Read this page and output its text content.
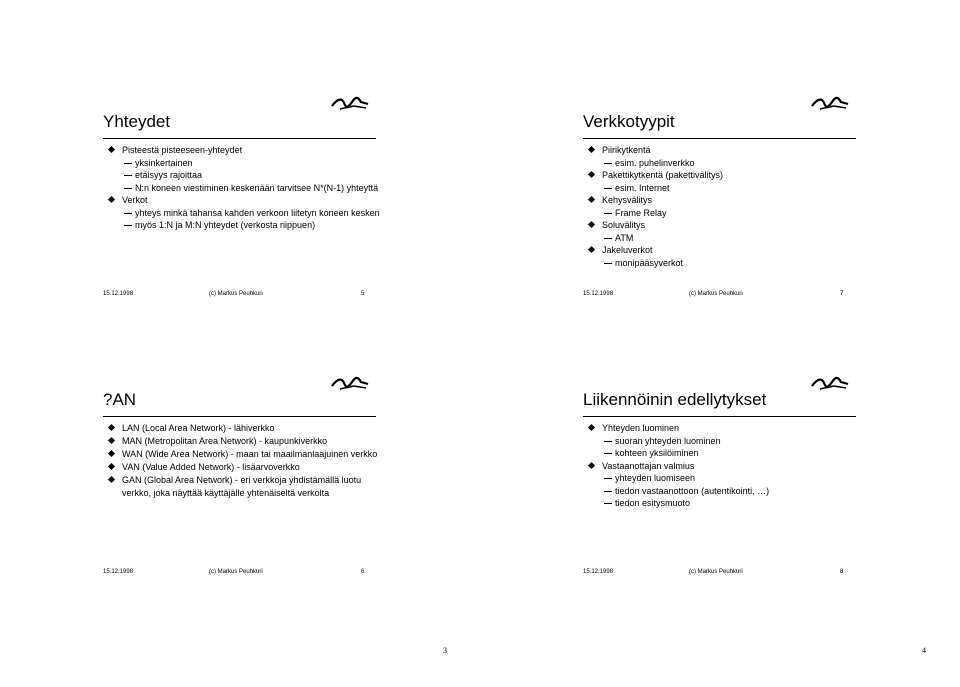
Yhteydet
Pisteestä pisteeseen-yhteydet
yksinkertainen
etäisyys rajoittaa
N:n koneen viestiminen keskenään tarvitsee N*(N-1) yhteyttä
Verkot
yhteys minkä tahansa kahden verkoon liitetyn koneen kesken
myös 1:N ja M:N yhteydet (verkosta riippuen)
15.12.1998	(c) Markus Peuhkuri	5
Verkkotyypit
Piirikytkentä
esim. puhelinverkko
Pakettikytkentä (pakettivälitys)
esim. Internet
Kehysvälitys
Frame Relay
Soluvälitys
ATM
Jakeluverkot
monipääsyverkot
15.12.1998	(c) Markus Peuhkuri	7
?AN
LAN (Local Area Network) - lähiverkko
MAN (Metropolitan Area Network) - kaupunkiverkko
WAN (Wide Area Network) - maan tai maailmanlaajuinen verkko
VAN (Value Added Network) - lisäarvoverkko
GAN (Global Area Network) - eri verkkoja yhdistämällä luotu verkko, joka näyttää käyttäjälle yhtenäiseltä verkolta
15.12.1998	(c) Markus Peuhkuri	6
Liikennöinin edellytykset
Yhteyden luominen
suoran yhteyden luominen
kohteen yksilöiminen
Vastaanottajan valmius
yhteyden luomiseen
tiedon vastaanottoon (autentikointi, …)
tiedon esitysmuoto
15.12.1998	(c) Markus Peuhkuri	8
3	4
